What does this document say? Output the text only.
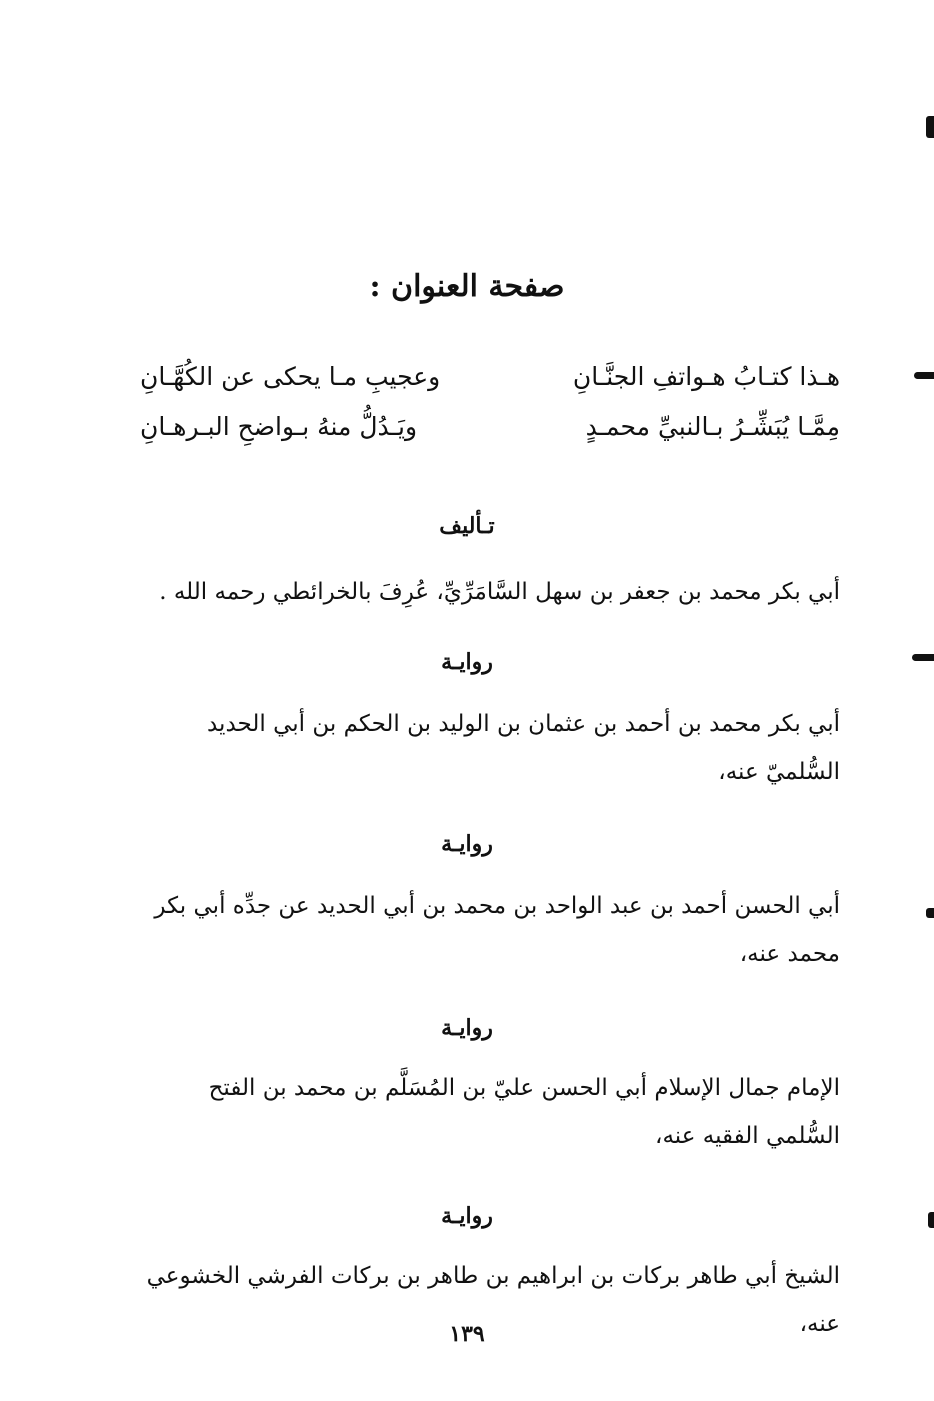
صفحة العنوان :
هـذا كتـابُ هـواتفِ الجنَّـانِ
وعجيبِ مـا يحكى عن الكُهَّـانِ
مِمَّـا يُبَشِّـرُ بـالنبيِّ محمـدٍ
ويَـدُلُّ منهُ بـواضحِ البـرهـانِ
تـأليف
أبي بكر محمد بن جعفر بن سهل السَّامَرِّيِّ، عُرِفَ بالخرائطي رحمه الله .
روايـة
أبي بكر محمد بن أحمد بن عثمان بن الوليد بن الحكم بن أبي الحديد السُّلميّ عنه،
روايـة
أبي الحسن أحمد بن عبد الواحد بن محمد بن أبي الحديد عن جدِّه أبي بكر محمد عنه،
روايـة
الإمام جمال الإسلام أبي الحسن عليّ بن المُسَلَّم بن محمد بن الفتح السُّلمي الفقيه عنه،
روايـة
الشيخ أبي طاهر بركات بن ابراهيم بن طاهر بن بركات الفرشي الخشوعي عنه،
١٣٩
